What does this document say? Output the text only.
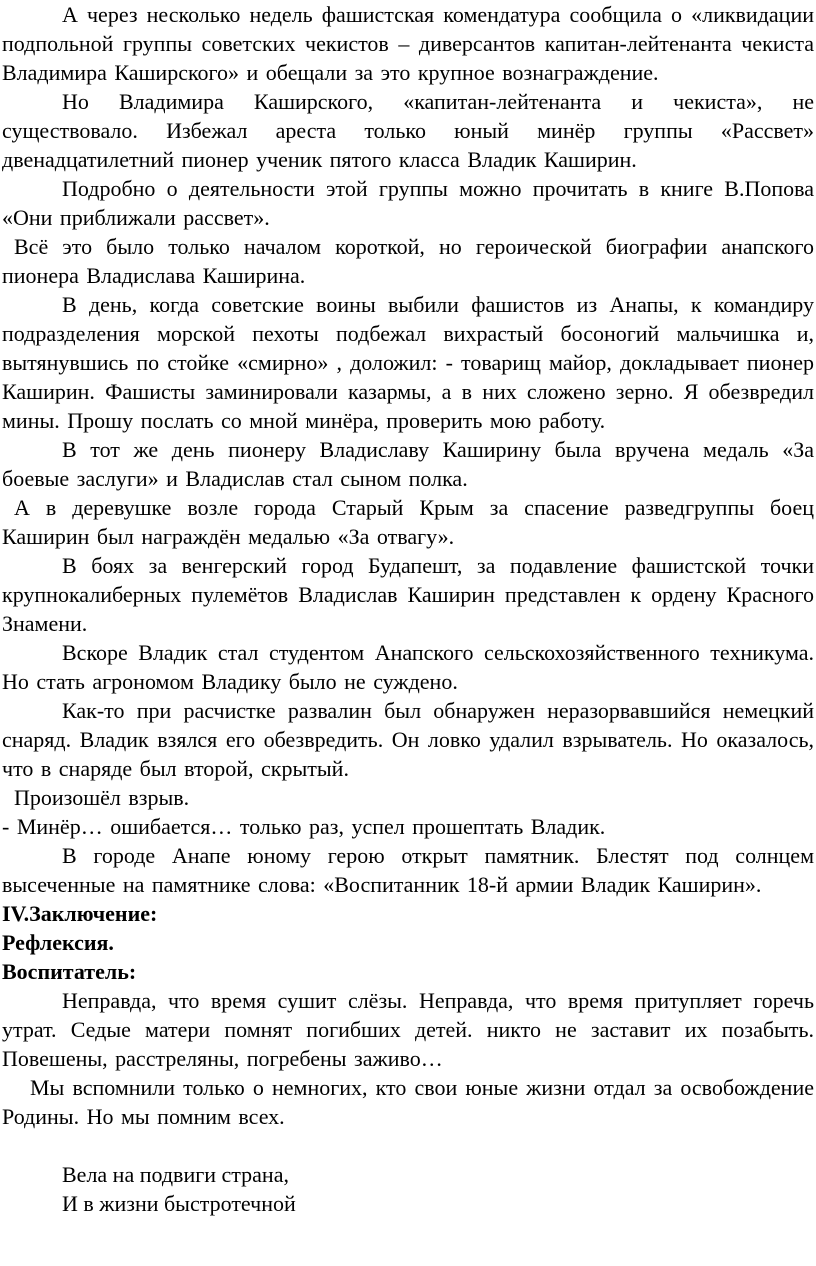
А через несколько недель фашистская комендатура сообщила о «ликвидации подпольной группы советских чекистов – диверсантов капитан-лейтенанта чекиста Владимира Каширского» и обещали за это крупное вознаграждение.

Но Владимира Каширского, «капитан-лейтенанта и чекиста», не существовало. Избежал ареста только юный минёр группы «Рассвет» двенадцатилетний пионер ученик пятого класса Владик Каширин.

Подробно о деятельности этой группы можно прочитать в книге В.Попова «Они приближали рассвет».

Всё это было только началом короткой, но героической биографии анапского пионера Владислава Каширина.

В день, когда советские воины выбили фашистов из Анапы, к командиру подразделения морской пехоты подбежал вихрастый босоногий мальчишка и, вытянувшись по стойке «смирно» , доложил: - товарищ майор, докладывает пионер Каширин. Фашисты заминировали казармы, а в них сложено зерно. Я обезвредил мины. Прошу послать со мной минёра, проверить мою работу.

В тот же день пионеру Владиславу Каширину была вручена медаль «За боевые заслуги» и Владислав стал сыном полка.

А в деревушке возле города Старый Крым за спасение разведгруппы боец Каширин был награждён медалью «За отвагу».

В боях за венгерский город Будапешт, за подавление фашистской точки крупнокалиберных пулемётов Владислав Каширин представлен к ордену Красного Знамени.

Вскоре Владик стал студентом Анапского сельскохозяйственного техникума. Но стать агрономом Владику было не суждено.

Как-то при расчистке развалин был обнаружен неразорвавшийся немецкий снаряд. Владик взялся его обезвредить. Он ловко удалил взрыватель. Но оказалось, что в снаряде был второй, скрытый.

Произошёл взрыв.

- Минёр… ошибается… только раз, успел прошептать Владик.

В городе Анапе юному герою открыт памятник. Блестят под солнцем высеченные на памятнике слова: «Воспитанник 18-й армии Владик Каширин».

IV.Заключение:

Рефлексия.

Воспитатель:

Неправда, что время сушит слёзы. Неправда, что время притупляет горечь утрат. Седые матери помнят погибших детей. никто не заставит их позабыть. Повешены, расстреляны, погребены заживо…

Мы вспомнили только о немногих, кто свои юные жизни отдал за освобождение Родины. Но мы помним всех.

Вела на подвиги страна,

И в жизни быстротечной
